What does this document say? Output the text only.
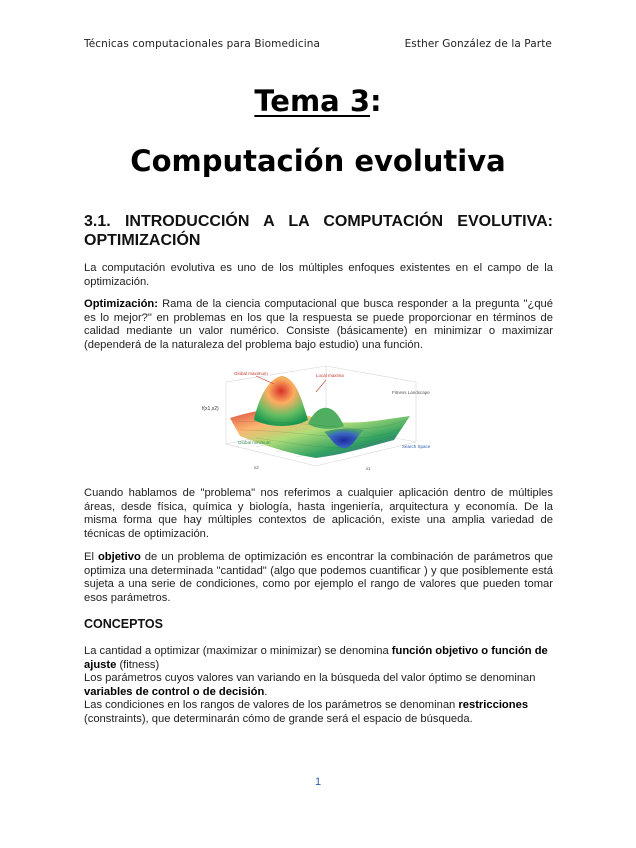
Técnicas computacionales para Biomedicina	Esther González de la Parte
Tema 3:
Computación evolutiva
3.1. INTRODUCCIÓN A LA COMPUTACIÓN EVOLUTIVA: OPTIMIZACIÓN

La computación evolutiva es uno de los múltiples enfoques existentes en el campo de la optimización.

Optimización: Rama de la ciencia computacional que busca responder a la pregunta "¿qué es lo mejor?" en problemas en los que la respuesta se puede proporcionar en términos de calidad mediante un valor numérico. Consiste (básicamente) en minimizar o maximizar (dependerá de la naturaleza del problema bajo estudio) una función.

Global maximum	Local maxima
Fitness Landscape
f(x1,x2)
Global minimum
Search Space
x2	x1

Cuando hablamos de "problema" nos referimos a cualquier aplicación dentro de múltiples áreas, desde física, química y biología, hasta ingeniería, arquitectura y economía. De la misma forma que hay múltiples contextos de aplicación, existe una amplia variedad de técnicas de optimización.

El objetivo de un problema de optimización es encontrar la combinación de parámetros que optimiza una determinada "cantidad" (algo que podemos cuantificar ) y que posiblemente está sujeta a una serie de condiciones, como por ejemplo el rango de valores que pueden tomar esos parámetros.

CONCEPTOS

La cantidad a optimizar (maximizar o minimizar) se denomina función objetivo o función de ajuste (fitness)

Los parámetros cuyos valores van variando en la búsqueda del valor óptimo se denominan variables de control o de decisión.

Las condiciones en los rangos de valores de los parámetros se denominan restricciones (constraints), que determinarán cómo de grande será el espacio de búsqueda.

1
